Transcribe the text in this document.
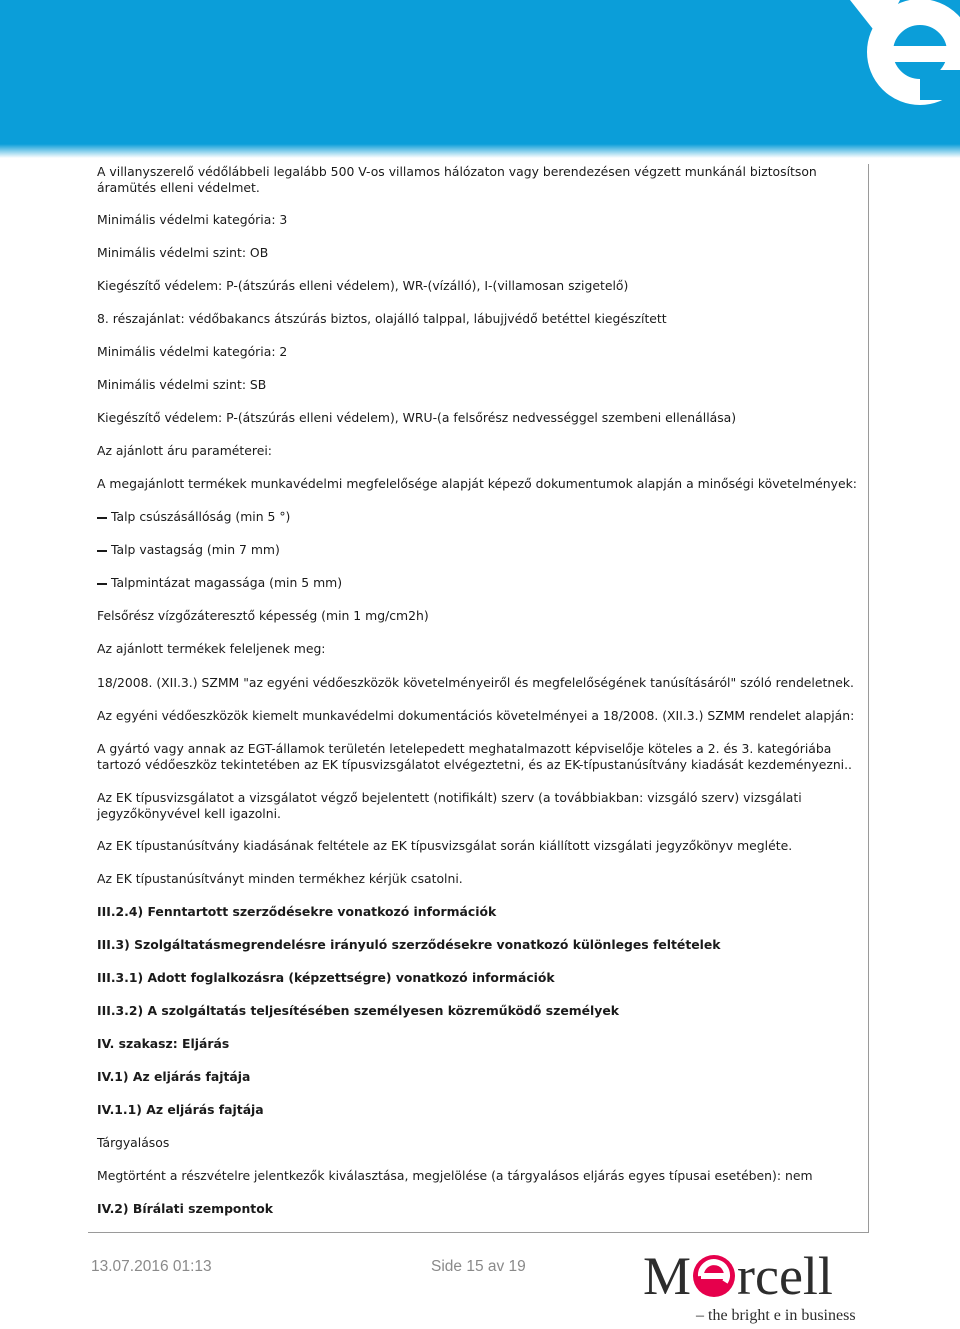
A villanyszerelő védőlábbeli legalább 500 V-os villamos hálózaton vagy berendezésen végzett munkánál biztosítson áramütés elleni védelmet.

Minimális védelmi kategória: 3

Minimális védelmi szint: OB

Kiegészítő védelem: P-(átszúrás elleni védelem), WR-(vízálló), I-(villamosan szigetelő)

8. részajánlat: védőbakancs átszúrás biztos, olajálló talppal, lábujjvédő betéttel kiegészített

Minimális védelmi kategória: 2

Minimális védelmi szint: SB

Kiegészítő védelem: P-(átszúrás elleni védelem), WRU-(a felsőrész nedvességgel szembeni ellenállása)

Az ajánlott áru paraméterei:

A megajánlott termékek munkavédelmi megfelelősége alapját képező dokumentumok alapján a minőségi követelmények:

Talp csúszásállóság (min 5 °)

Talp vastagság (min 7 mm)

Talpmintázat magassága (min 5 mm)

Felsőrész vízgőzáteresztő képesség (min 1 mg/cm2h)

Az ajánlott termékek feleljenek meg:

18/2008. (XII.3.) SZMM "az egyéni védőeszközök követelményeiről és megfelelőségének tanúsításáról" szóló rendeletnek.

Az egyéni védőeszközök kiemelt munkavédelmi dokumentációs követelményei a 18/2008. (XII.3.) SZMM rendelet alapján:

A gyártó vagy annak az EGT-államok területén letelepedett meghatalmazott képviselője köteles a 2. és 3. kategóriába tartozó védőeszköz tekintetében az EK típusvizsgálatot elvégeztetni, és az EK-típustanúsítvány kiadását kezdeményezni..

Az EK típusvizsgálatot a vizsgálatot végző bejelentett (notifikált) szerv (a továbbiakban: vizsgáló szerv) vizsgálati jegyzőkönyvével kell igazolni.

Az EK típustanúsítvány kiadásának feltétele az EK típusvizsgálat során kiállított vizsgálati jegyzőkönyv megléte.

Az EK típustanúsítványt minden termékhez kérjük csatolni.

III.2.4) Fenntartott szerződésekre vonatkozó információk

III.3) Szolgáltatásmegrendelésre irányuló szerződésekre vonatkozó különleges feltételek

III.3.1) Adott foglalkozásra (képzettségre) vonatkozó információk

III.3.2) A szolgáltatás teljesítésében személyesen közreműködő személyek

IV. szakasz: Eljárás

IV.1) Az eljárás fajtája

IV.1.1) Az eljárás fajtája

Tárgyalásos

Megtörtént a részvételre jelentkezők kiválasztása, megjelölése (a tárgyalásos eljárás egyes típusai esetében): nem

IV.2) Bírálati szempontok

13.07.2016 01:13	Side 15 av 19 M rcell
– the bright e in business
